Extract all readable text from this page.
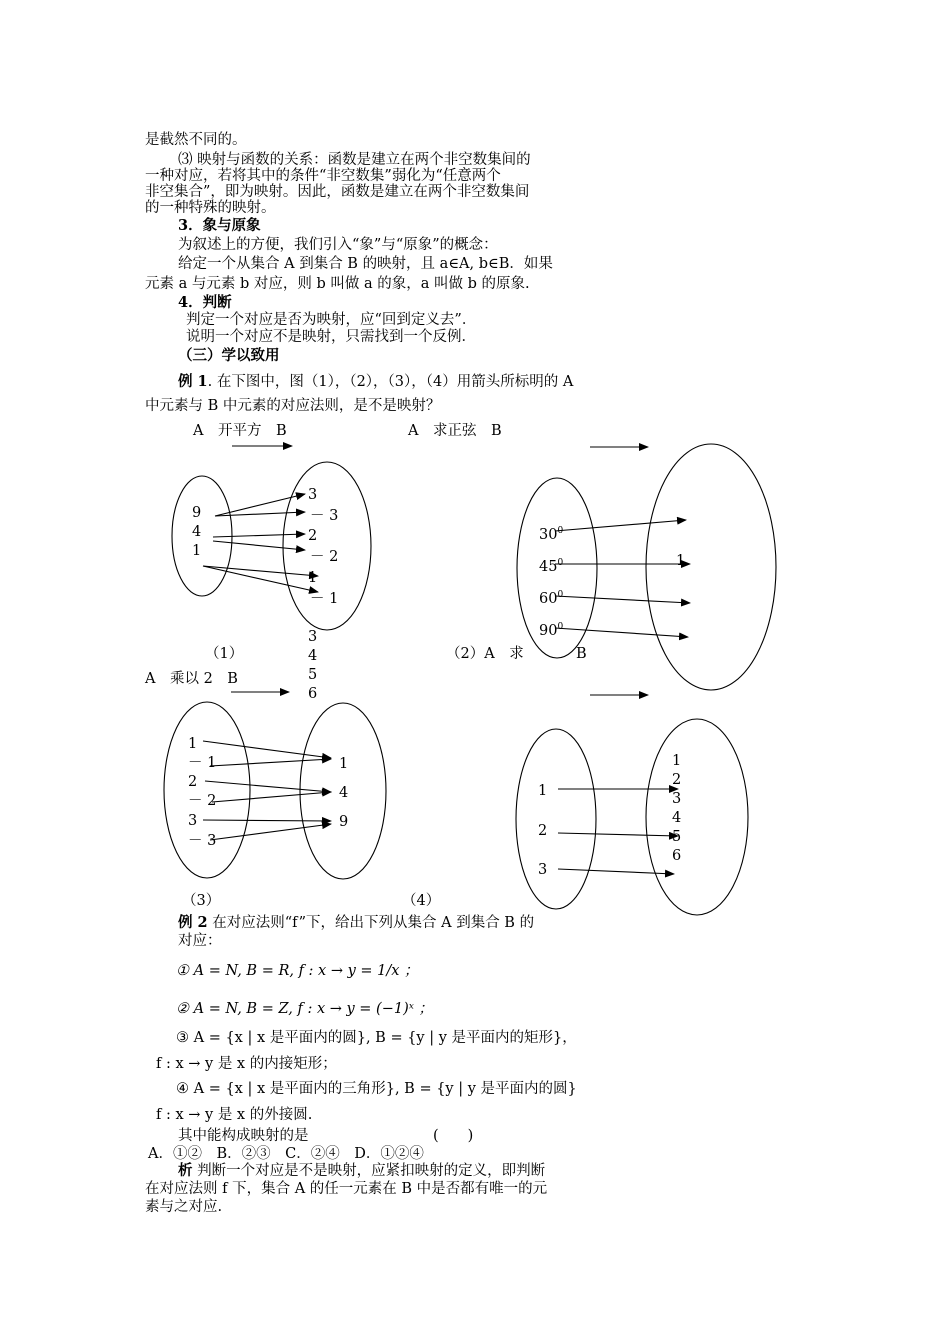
是截然不同的。
⑶ 映射与函数的关系：函数是建立在两个非空数集间的
一种对应，若将其中的条件“非空数集”弱化为“任意两个
非空集合”，即为映射。因此，函数是建立在两个非空数集间
的一种特殊的映射。
3．象与原象
为叙述上的方便，我们引入“象”与“原象”的概念：
给定一个从集合 A 到集合 B 的映射，且 a∈A, b∈B．如果
元素 a 与元素 b 对应，则 b 叫做 a 的象，a 叫做 b 的原象.
4．判断
判定一个对应是否为映射，应“回到定义去”．
说明一个对应不是映射，只需找到一个反例．
（三）学以致用
例 1. 在下图中，图（1），（2），（3），（4）用箭头所标明的 A
中元素与 B 中元素的对应法则，是不是映射？
A　开平方　B	A　求正弦　B
（1）	（2）A　求	B
A　乘以 2　B
（3）	（4）
9
4
1
3
－ 3
2
－ 2
1
－ 1
$30^0$
$45^0$
$60^0$
$90^0$
1
3
4
5
6
1
－ 1
2
－ 2
3
－ 3
1
4
9
1
2
3
1
2
3
4
5
6
例 2 在对应法则“f”下，给出下列从集合 A 到集合 B 的
对应：
① A = N, B = R, f : x → y = 1/x ；
② A = N, B = Z, f : x → y = (−1)ˣ ；
③ A = {x | x 是平面内的圆}, B = {y | y 是平面内的矩形}，
f : x → y 是 x 的内接矩形；
④ A = {x | x 是平面内的三角形}, B = {y | y 是平面内的圆}
f : x → y 是 x 的外接圆.
其中能构成映射的是	(　　)
A．①②　B．②③　C．②④　D．①②④
析 判断一个对应是不是映射，应紧扣映射的定义，即判断
在对应法则 f 下，集合 A 的任一元素在 B 中是否都有唯一的元
素与之对应.
